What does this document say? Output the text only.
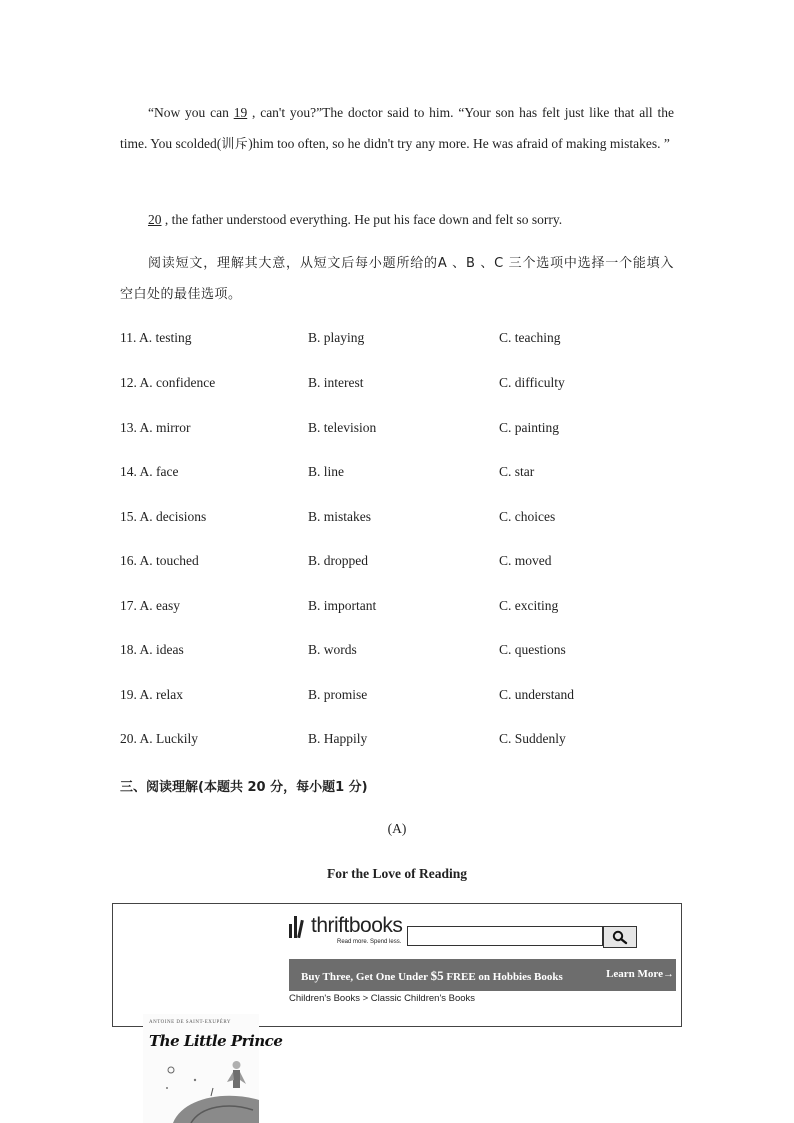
“Now you can 19 , can't you?”The doctor said to him. “Your son has felt just like that all the time. You scolded(训斥)him too often, so he didn't try any more. He was afraid of making mistakes. ”
20 , the father understood everything. He put his face down and felt so sorry.
阅读短文，理解其大意，从短文后每小题所给的A 、B 、C 三个选项中选择一个能填入空白处的最佳选项。
11. A. testing	B. playing	C. teaching
12. A. confidence	B. interest	C. difficulty
13. A. mirror	B. television	C. painting
14. A. face	B. line	C. star
15. A. decisions	B. mistakes	C. choices
16. A. touched	B. dropped	C. moved
17. A. easy	B. important	C. exciting
18. A. ideas	B. words	C. questions
19. A. relax	B. promise	C. understand
20. A. Luckily	B. Happily	C. Suddenly
三、阅读理解(本题共 20 分，每小题1 分)
(A)
For the Love of Reading
thriftbooks
Read more. Spend less.
Buy Three, Get One Under $5 FREE on Hobbies Books	Learn More→
Children's Books > Classic Children's Books
ANTOINE DE SAINT-EXUPÉRY
The Little Prince
